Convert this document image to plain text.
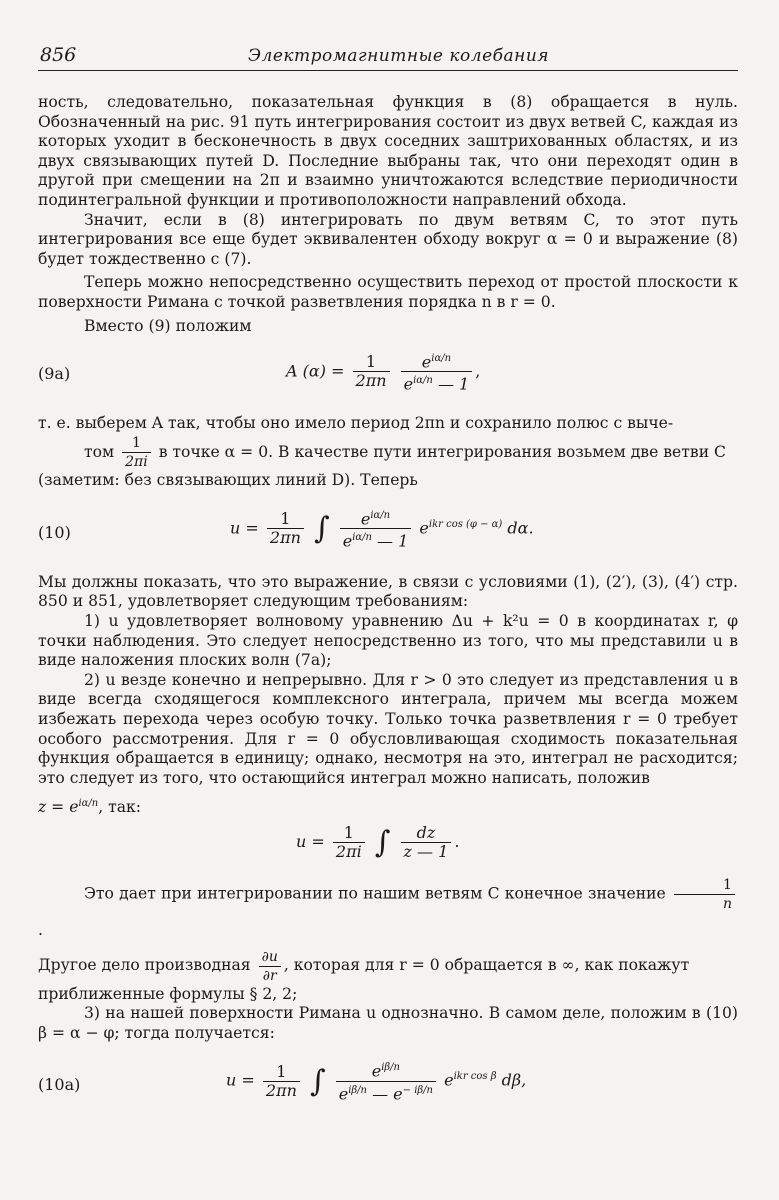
856	Электромагнитные колебания

ность, следовательно, показательная функция в (8) обращается в нуль. Обозначенный на рис. 91 путь интегрирования состоит из двух ветвей C, каждая из которых уходит в бесконечность в двух соседних заштрихованных областях, и из двух связывающих путей D. Последние выбраны так, что они переходят один в другой при смещении на 2π и взаимно уничтожаются вследствие периодичности подинтегральной функции и противоположности направлений обхода.

Значит, если в (8) интегрировать по двум ветвям C, то этот путь интегрирования все еще будет эквивалентен обходу вокруг α = 0 и выражение (8) будет тождественно с (7).

Теперь можно непосредственно осуществить переход от простой плоскости к поверхности Римана с точкой разветвления порядка n в r = 0.

Вместо (9) положим

(9a)	A $(\alpha) = \frac{1}{2\pi n}$
$\frac{e^{i\alpha/n}}{e^{i\alpha/n} — 1}$ ,

т. е. выберем A так, чтобы оно имело период 2πn и сохранило полюс с выче-

том $\frac{1}{2\pi i}$ в точке α = 0. В качестве пути интегрирования возьмем две ветви C

(заметим: без связывающих линий D). Теперь

(10)	$u = \frac{1}{2\pi n}$ ∫ $\frac{e^{i\alpha/n}}{e^{i\alpha/n} — 1} e^{ikr cos (\varphi - \alpha)}$ dα.

Мы должны показать, что это выражение, в связи с условиями (1), (2′), (3), (4′) стр. 850 и 851, удовлетворяет следующим требованиям:

1) u удовлетворяет волновому уравнению Δu + k²u = 0 в координатах r, φ точки наблюдения. Это следует непосредственно из того, что мы представили u в виде наложения плоских волн (7а);

2) u везде конечно и непрерывно. Для r > 0 это следует из представления u в виде всегда сходящегося комплексного интеграла, причем мы всегда можем избежать перехода через особую точку. Только точка разветвления r = 0 требует особого рассмотрения. Для r = 0 обусловливающая сходимость показательная функция обращается в единицу; однако, несмотря на это, интеграл не расходится; это следует из того, что остающийся интеграл можно написать, положив

$z = e^{i\alpha/n}$, так:

$u = \frac{1}{2\pi i}$ ∫ $\frac{dz}{z — 1}$ .

Это дает при интегрировании по нашим ветвям C конечное значение $\frac{1}{n}$
.

Другое дело производная $\frac{\partial u}{\partial r}$ , которая для r = 0 обращается в ∞, как покажут

приближенные формулы § 2, 2;

3) на нашей поверхности Римана u однозначно. В самом деле, положим в (10) β = α − φ; тогда получается:

(10a)	$u = \frac{1}{2\pi n}$ ∫ $\frac{e^{i\beta/n}}{e^{i\beta/n} — e^{- i\beta/n}} e^{ikr cos \beta}$ dβ,
